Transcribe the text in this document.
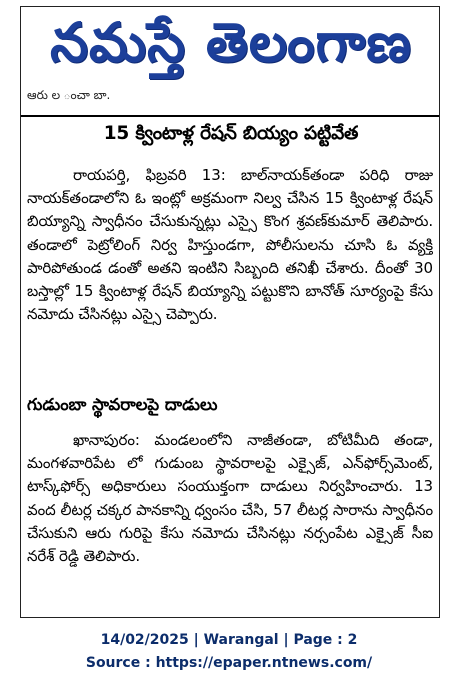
నమస్తే తెలంగాణ
ఆరు ల ంచా బా.
15 క్వింటాళ్ల రేషన్ బియ్యం పట్టివేత
రాయపర్తి, ఫిబ్రవరి 13: బాల్‌నాయక్‌తండా పరిధి రాజు నాయక్‌తండాలోని ఓ ఇంట్లో అక్రమంగా నిల్వ చేసిన 15 క్వింటాళ్ల రేషన్ బియ్యాన్ని స్వాధీనం చేసుకున్నట్లు ఎస్సై కొంగ శ్రవణ్‌కుమార్ తెలిపారు. తండాలో పెట్రోలింగ్ నిర్వ హిస్తుండగా, పోలీసులను చూసి ఓ వ్యక్తి పారిపోతుండ డంతో అతని ఇంటిని సిబ్బంది తనిఖీ చేశారు. దీంతో 30 బస్తాల్లో 15 క్వింటాళ్ల రేషన్ బియ్యాన్ని పట్టుకొని బానోత్ సూర్యంపై కేసు నమోదు చేసినట్లు ఎస్సై చెప్పారు.
గుడుంబా స్థావరాలపై దాడులు
ఖానాపురం: మండలంలోని నాజీతండా, బోటిమీది తండా, మంగళవారిపేట లో గుడుంబ స్థావరాలపై ఎక్సైజ్, ఎన్‌ఫోర్స్‌మెంట్, టాస్క్‌ఫోర్స్ అధికారులు సంయుక్తంగా దాడులు నిర్వహించారు. 13 వంద లీటర్ల చక్కర పానకాన్ని ధ్వంసం చేసి, 57 లీటర్ల సారాను స్వాధీనం చేసుకుని ఆరు గురిపై కేసు నమోదు చేసినట్లు నర్సంపేట ఎక్సైజ్ సీఐ నరేశ్ రెడ్డి తెలిపారు.
14/02/2025 | Warangal | Page : 2
Source : https://epaper.ntnews.com/
